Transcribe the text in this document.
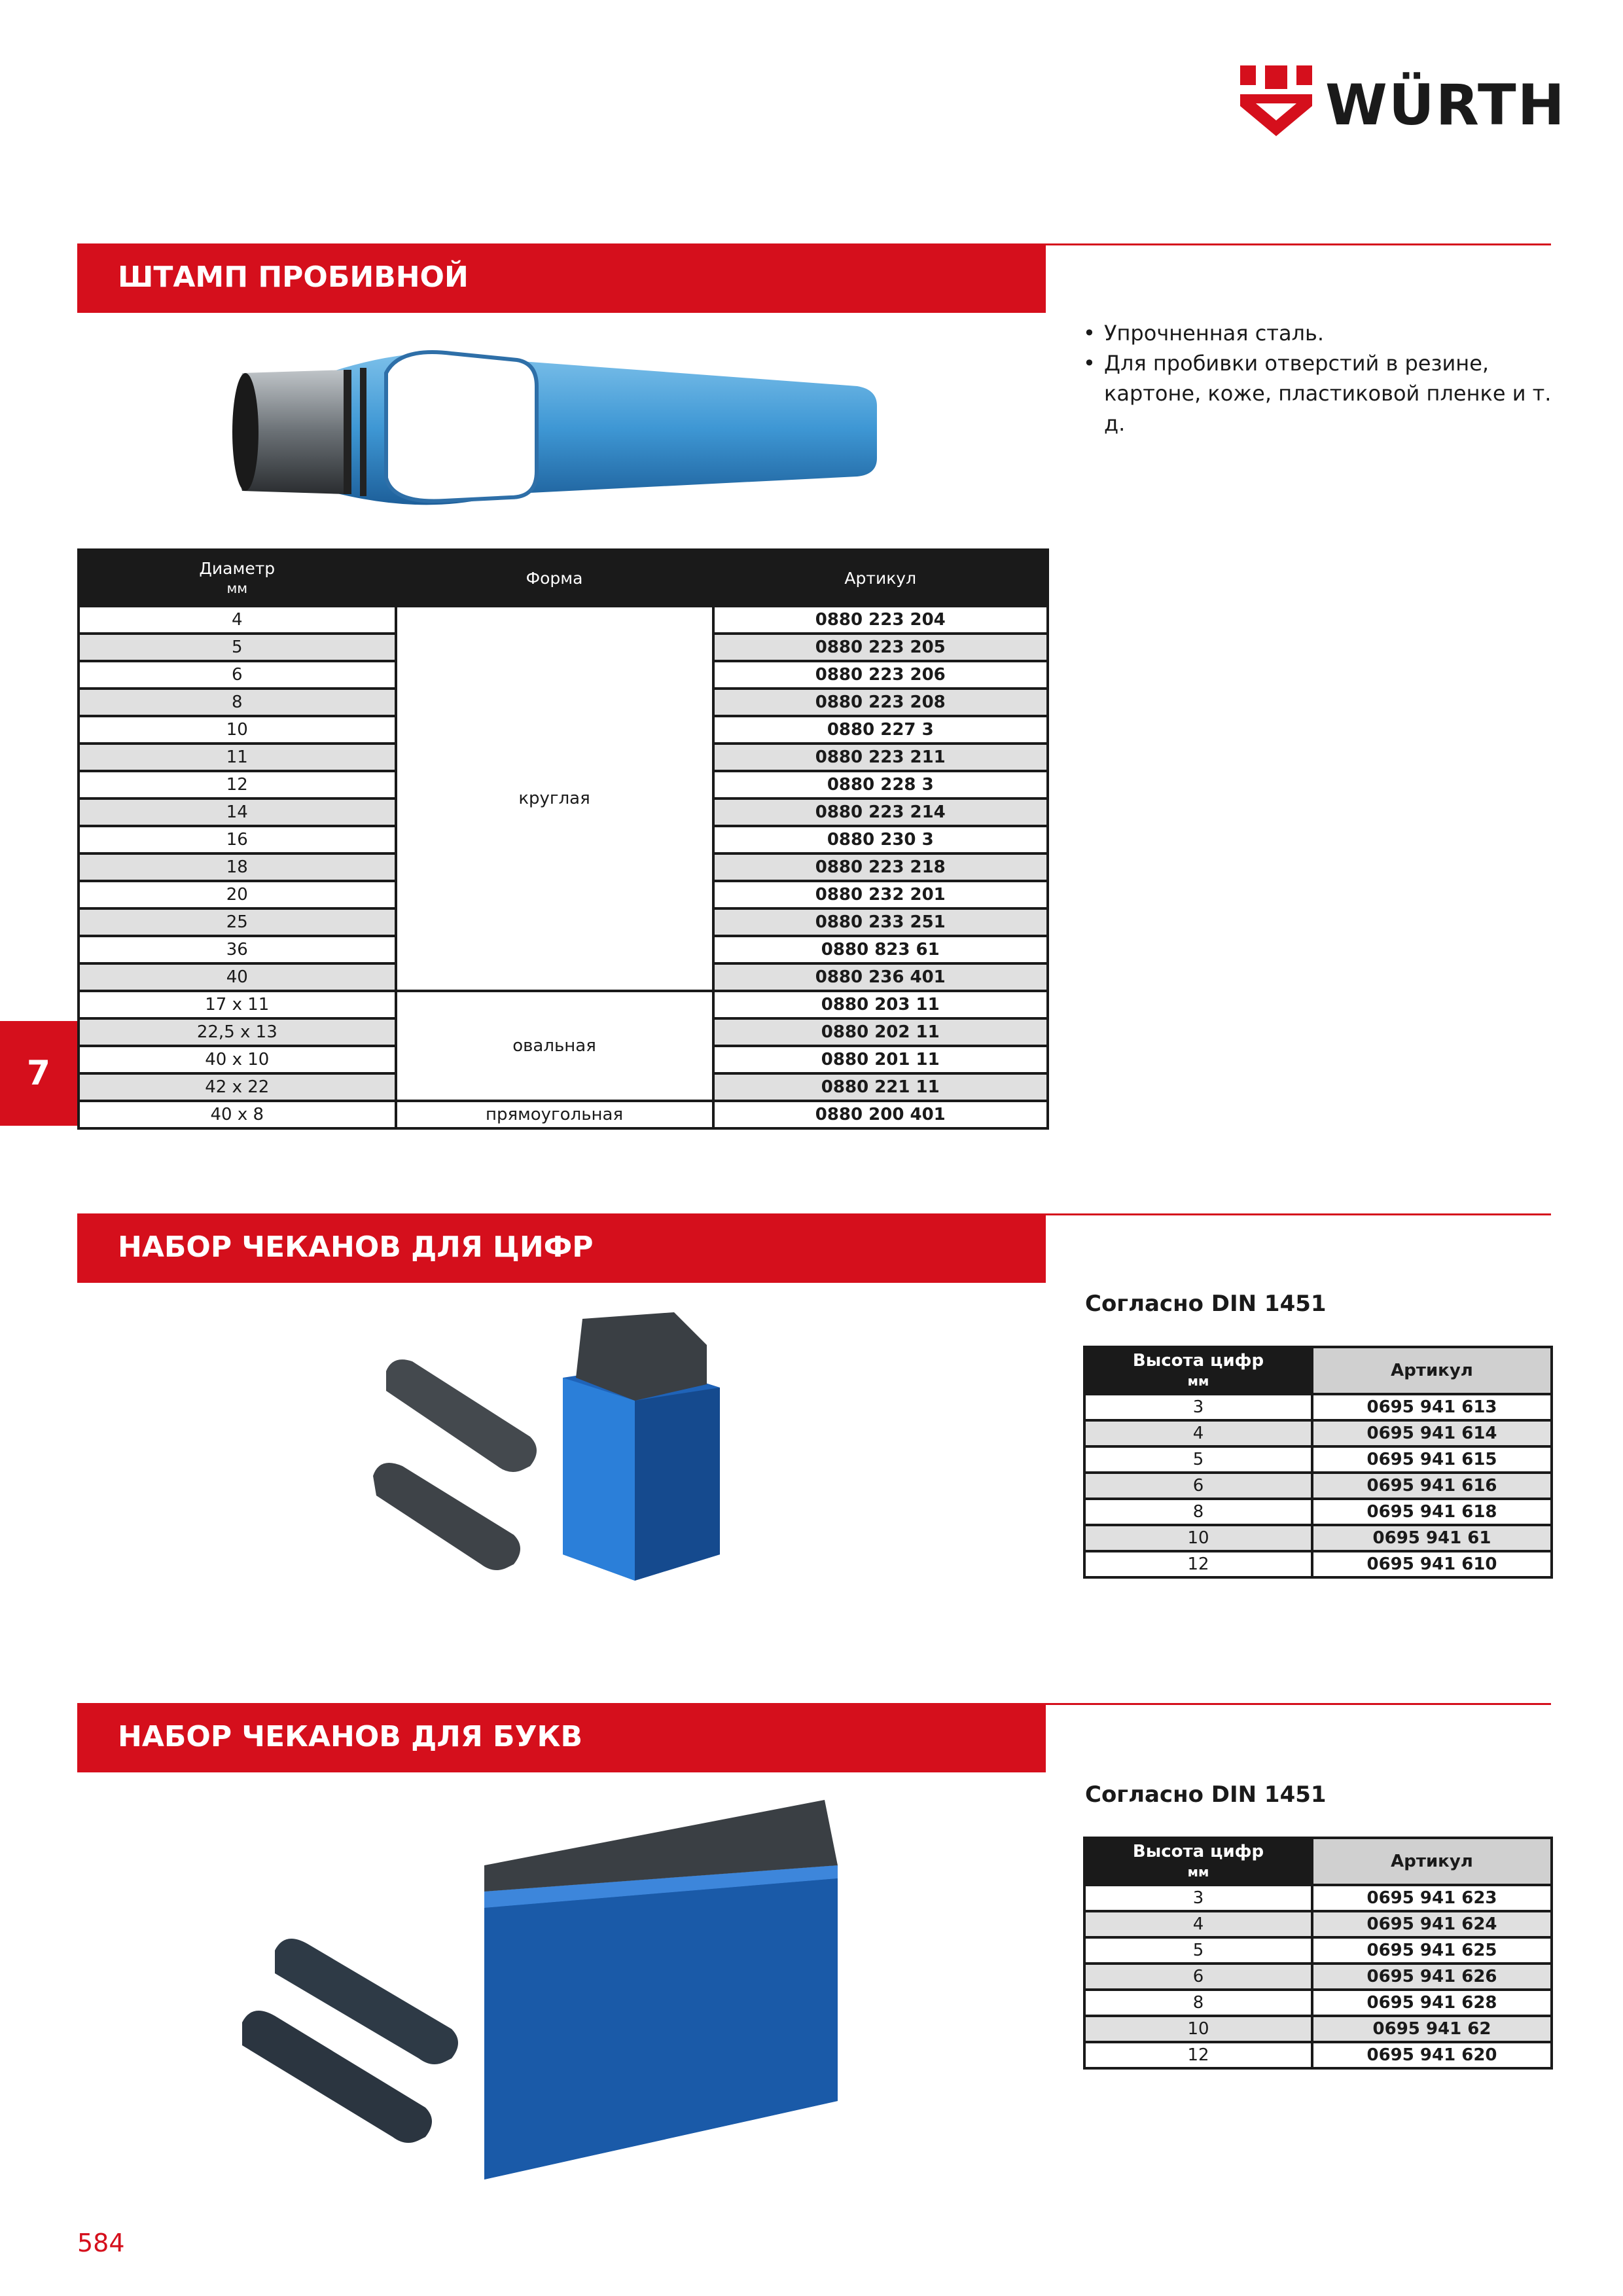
WÜRTH
ШТАМП ПРОБИВНОЙ
• Упрочненная сталь.
• Для пробивки отверстий в резине, картоне, коже, пластиковой пленке и т. д.
Диаметр
мм	Форма	Артикул
4	круглая	0880 223 204
5		0880 223 205
6		0880 223 206
8		0880 223 208
10		0880 227 3
11		0880 223 211
12		0880 228 3
14		0880 223 214
16		0880 230 3
18		0880 223 218
20		0880 232 201
25		0880 233 251
36		0880 823 61
40		0880 236 401
17 x 11	овальная	0880 203 11
22,5 x 13		0880 202 11
40 x 10		0880 201 11
42 x 22		0880 221 11
40 x 8	прямоугольная	0880 200 401
7
НАБОР ЧЕКАНОВ ДЛЯ ЦИФР
Согласно DIN 1451
Высота цифр
мм	Артикул
3	0695 941 613
4	0695 941 614
5	0695 941 615
6	0695 941 616
8	0695 941 618
10	0695 941 61
12	0695 941 610
НАБОР ЧЕКАНОВ ДЛЯ БУКВ
Согласно DIN 1451
Высота цифр
мм	Артикул
3	0695 941 623
4	0695 941 624
5	0695 941 625
6	0695 941 626
8	0695 941 628
10	0695 941 62
12	0695 941 620
584
